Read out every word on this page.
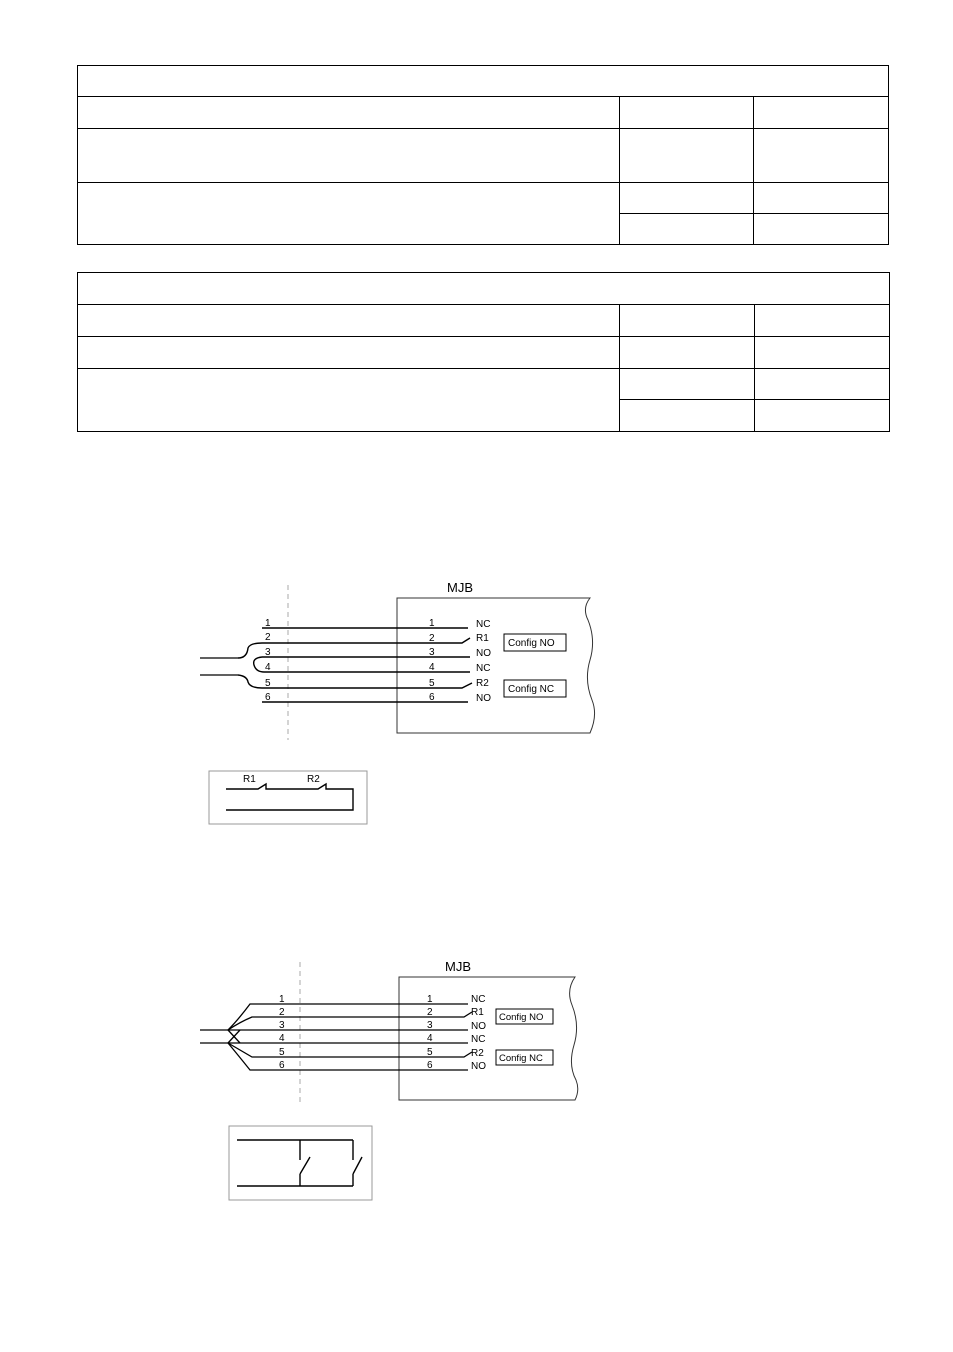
MJB
1
2
3
4
5
6
1
2
3
4
5
6
NC
R1
NO
NC
R2
NO
Config NO
Config NC
R1	R2
MJB
1
2
3
4
5
6
1
2
3
4
5
6
NC
R1
NO
NC
R2
NO
Config NO
Config NC
